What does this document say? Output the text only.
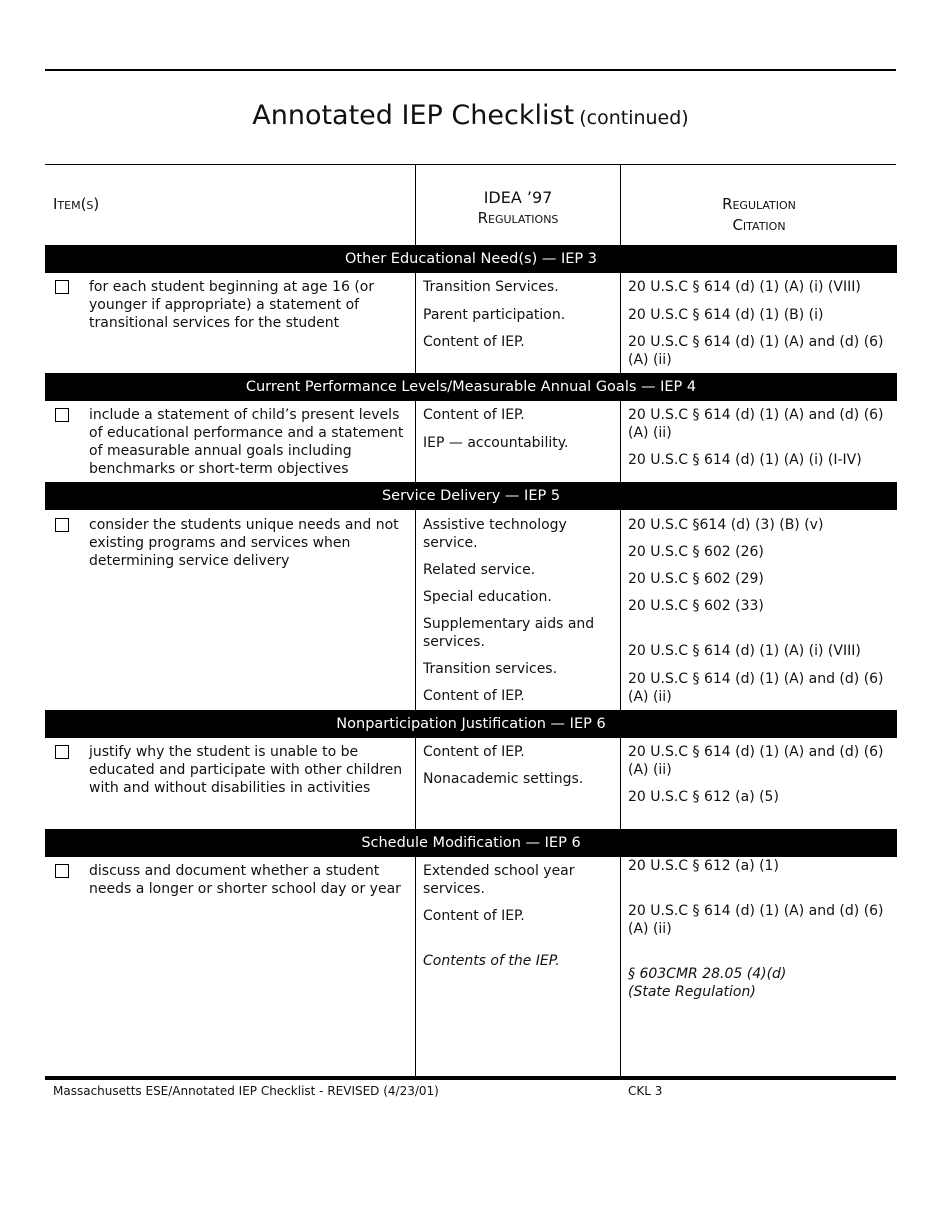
Annotated IEP Checklist (continued)
Item(s)	IDEA ’97
Regulations
Regulation
Citation
Other Educational Need(s) — IEP 3
for each student beginning at age 16 (or younger if appropriate) a statement of transitional services for the student
Transition Services.
Parent participation.
Content of IEP.
20 U.S.C § 614 (d) (1) (A) (i) (VIII)
20 U.S.C § 614 (d) (1) (B) (i)
20 U.S.C § 614 (d) (1) (A) and (d) (6) (A) (ii)
Current Performance Levels/Measurable Annual Goals — IEP 4
include a statement of child’s present levels of educational performance and a statement of measurable annual goals including benchmarks or short-term objectives
Content of IEP.
IEP — accountability.
20 U.S.C § 614 (d) (1) (A) and (d) (6) (A) (ii)
20 U.S.C § 614 (d) (1) (A) (i) (I-IV)
Service Delivery — IEP 5
consider the students unique needs and not existing programs and services when determining service delivery
Assistive technology service.
Related service.
Special education.
Supplementary aids and services.
Transition services.
Content of IEP.
20 U.S.C §614 (d) (3) (B) (v)
20 U.S.C § 602 (26)
20 U.S.C § 602 (29)
20 U.S.C § 602 (33)
20 U.S.C § 614 (d) (1) (A) (i) (VIII)
20 U.S.C § 614 (d) (1) (A) and (d) (6) (A) (ii)
Nonparticipation Justification — IEP 6
justify why the student is unable to be educated and participate with other children with and without disabilities in activities
Content of IEP.
Nonacademic settings.
20 U.S.C § 614 (d) (1) (A) and (d) (6) (A) (ii)
20 U.S.C § 612 (a) (5)
Schedule Modification — IEP 6
discuss and document whether a student needs a longer or shorter school day or year
Extended school year services.
Content of IEP.
Contents of the IEP.
20 U.S.C § 612 (a) (1)
20 U.S.C § 614 (d) (1) (A) and (d) (6) (A) (ii)
§ 603CMR 28.05 (4)(d)
(State Regulation)
Massachusetts ESE/Annotated IEP Checklist - REVISED (4/23/01)	CKL 3
